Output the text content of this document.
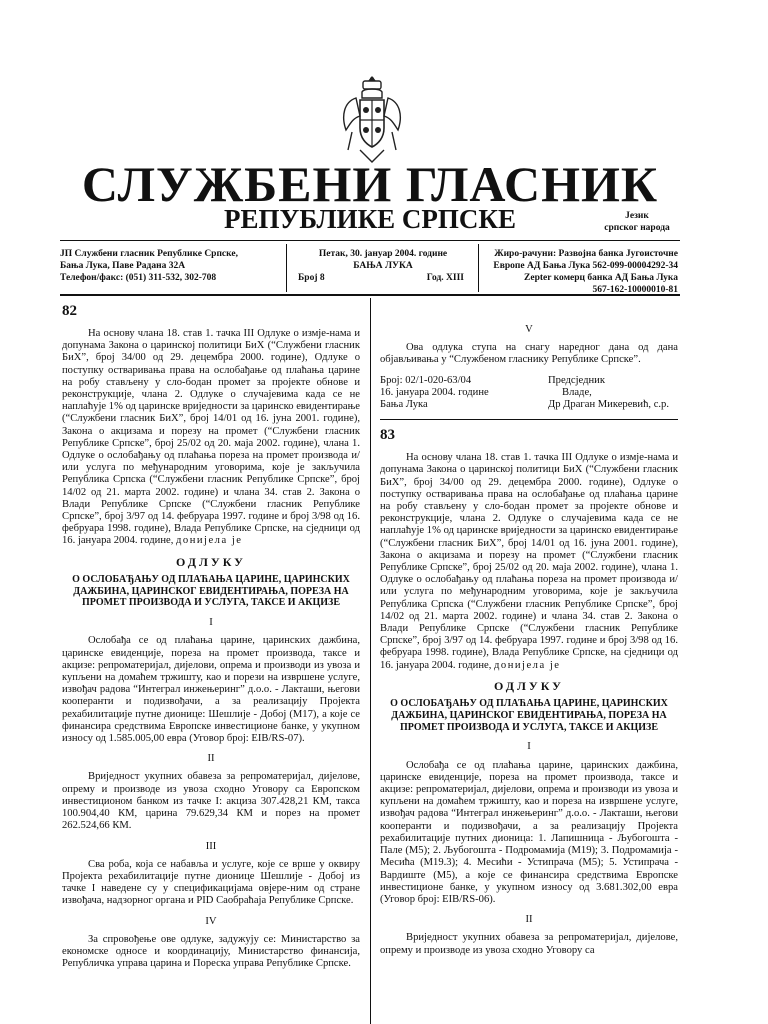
СЛУЖБЕНИ ГЛАСНИК
РЕПУБЛИКЕ СРПСКЕ	Језик
српског народа
ЈП Службени гласник Републике Српске,
Бања Лука, Паве Радана 32А
Телефон/факс: (051) 311-532, 302-708
Петак, 30. јануар 2004. године
БАЊА ЛУКА
Број 8	Год. XIII
Жиро-рачуни: Развојна банка Југоисточне
Европе АД Бања Лука 562-099-00004292-34
Zepter комерц банка АД Бања Лука
567-162-10000010-81
82

На основу члана 18. став 1. тачка III Одлуке о измје-нама и допунама Закона о царинској политици БиХ (“Службени гласник БиХ”, број 34/00 од 29. децембра 2000. године), Одлуке о поступку остваривања права на ослобађање од плаћања царине на робу стављену у сло-бодан промет за пројекте обнове и реконструкције, члана 2. Одлуке о случајевима када се не наплаћује 1% од царинске вриједности за царинско евидентирање (“Службени гласник БиХ”, број 14/01 од 16. јуна 2001. године), Закона о акцизама и порезу на промет (“Службени гласник Републике Српске”, број 25/02 од 20. маја 2002. године), члана 1. Одлуке о ослобађању од плаћања пореза на промет производа и/или услуга по међународним уговорима, које је закључила Република Српска (“Службени гласник Републике Српске”, број 14/02 од 21. марта 2002. године) и члана 34. став 2. Закона о Влади Републике Српске (“Службени гласник Републике Српске”, број 3/97 од 14. фебруара 1997. године и број 3/98 од 16. фебруара 1998. године), Влада Републике Српске, на сједници од 16. јануара 2004. године, донијела је

ОДЛУКУ
О ОСЛОБАЂАЊУ ОД ПЛАЋАЊА ЦАРИНЕ, ЦАРИНСКИХ ДАЖБИНА, ЦАРИНСКОГ ЕВИДЕНТИРАЊА, ПОРЕЗА НА ПРОМЕТ ПРОИЗВОДА И УСЛУГА, ТАКСЕ И АКЦИЗЕ
I

Ослобађа се од плаћања царине, царинских дажбина, царинске евиденције, пореза на промет производа, таксе и акцизе: репроматеријал, дијелови, опрема и производи из увоза и купљени на домаћем тржишту, као и порези на извршене услуге, извођач радова “Интеграл инжењеринг” д.о.о. - Лакташи, његови кооперанти и подизвођачи, а за реализацију Пројекта рехабилитације путне дионице: Шешлије - Добој (М17), а које се финансира средствима Европске инвестиционе банке, у укупном износу од 1.585.005,00 евра (Уговор број: EIB/RS-07).

II

Вриједност укупних обавеза за репроматеријал, дијелове, опрему и производе из увоза сходно Уговору са Европском инвестиционом банком из тачке I: акциза 307.428,21 КМ, такса 100.904,40 КМ, царина 79.629,34 КМ и порез на промет 262.524,66 КМ.

III

Сва роба, која се набавља и услуге, које се врше у оквиру Пројекта рехабилитације путне дионице Шешлије - Добој из тачке I наведене су у спецификацијама овјере-ним од стране извођача, надзорног органа и PID Саобраћаја Републике Српске.

IV

За спровођење ове одлуке, задужују се: Министарство за економске односе и координацију, Министарство финансија, Републичка управа царина и Пореска управа Републике Српске.

V

Ова одлука ступа на снагу наредног дана од дана објављивања у “Службеном гласнику Републике Српске”.

Број: 02/1-020-63/04	Предсједник
16. јануара 2004. године	Владе,
Бања Лука	Др Драган Микеревић, с.р.
83

На основу члана 18. став 1. тачка III Одлуке о измје-нама и допунама Закона о царинској политици БиХ (“Службени гласник БиХ”, број 34/00 од 29. децембра 2000. године), Одлуке о поступку остваривања права на ослобађање од плаћања царине на робу стављену у сло-бодан промет за пројекте обнове и реконструкције, члана 2. Одлуке о случајевима када се не наплаћује 1% од царинске вриједности за царинско евидентирање (“Службени гласник БиХ”, број 14/01 од 16. јуна 2001. године), Закона о акцизама и порезу на промет (“Службени гласник Републике Српске”, број 25/02 од 20. маја 2002. године), члана 1. Одлуке о ослобађању од плаћања пореза на промет производа и/или услуга по међународним уговорима, које је закључила Република Српска (“Службени гласник Републике Српске”, број 14/02 од 21. марта 2002. године) и члана 34. став 2. Закона о Влади Републике Српске (“Службени гласник Републике Српске”, број 3/97 од 14. фебруара 1997. године и број 3/98 од 16. фебруара 1998. године), Влада Републике Српске, на сједници од 16. јануара 2004. године, донијела је

ОДЛУКУ
О ОСЛОБАЂАЊУ ОД ПЛАЋАЊА ЦАРИНЕ, ЦАРИНСКИХ ДАЖБИНА, ЦАРИНСКОГ ЕВИДЕНТИРАЊА, ПОРЕЗА НА ПРОМЕТ ПРОИЗВОДА И УСЛУГА, ТАКСЕ И АКЦИЗЕ
I

Ослобађа се од плаћања царине, царинских дажбина, царинске евиденције, пореза на промет производа, таксе и акцизе: репроматеријал, дијелови, опрема и производи из увоза и купљени на домаћем тржишту, као и пореза на извршене услуге, извођач радова “Интеграл инжењеринг” д.о.о. - Лакташи, његови кооперанти и подизвођачи, а за реализацију Пројекта рехабилитације путних дионица: 1. Лапишница - Љубогошта - Пале (М5); 2. Љубогошта - Подромамија (М19); 3. Подромамија - Месића (М19.3); 4. Месићи - Устипрача (М5); 5. Устипрача - Вардиште (М5), а које се финансира средствима Европске инвестиционе банке, у укупном износу од 3.681.302,00 евра (Уговор број: EIB/RS-06).

II

Вриједност укупних обавеза за репроматеријал, дијелове, опрему и производе из увоза сходно Уговору са
